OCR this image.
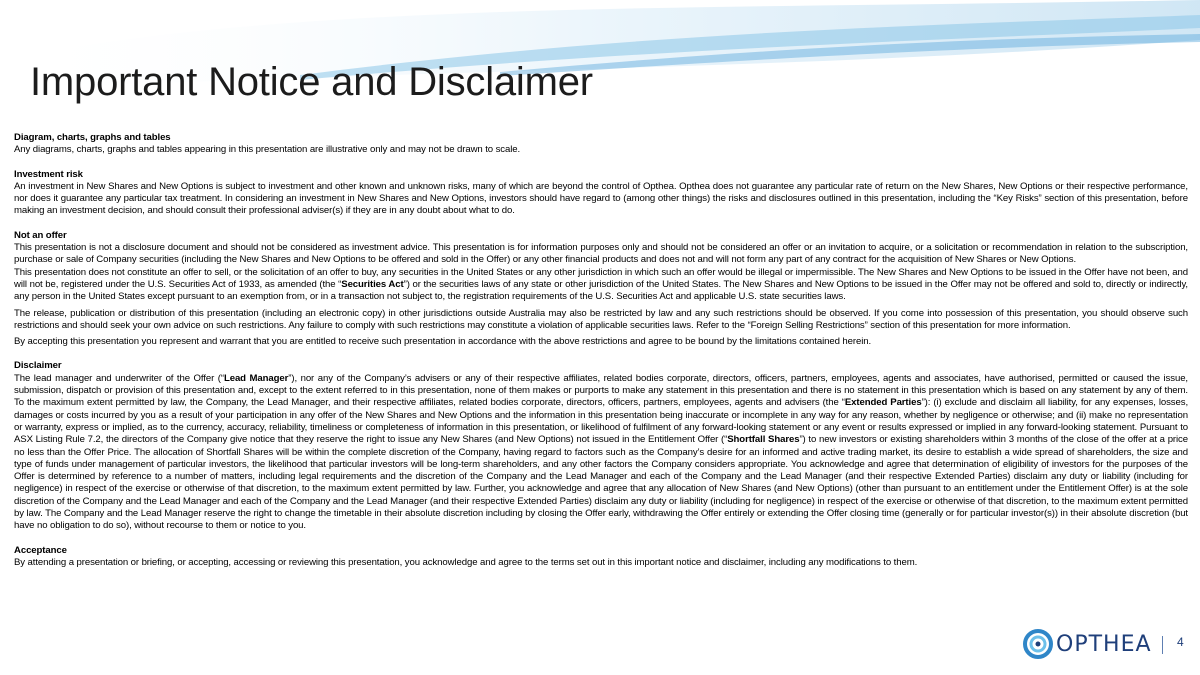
Important Notice and Disclaimer
Diagram, charts, graphs and tables

Any diagrams, charts, graphs and tables appearing in this presentation are illustrative only and may not be drawn to scale.

Investment risk

An investment in New Shares and New Options is subject to investment and other known and unknown risks, many of which are beyond the control of Opthea. Opthea does not guarantee any particular rate of return on the New Shares, New Options or their respective performance, nor does it guarantee any particular tax treatment. In considering an investment in New Shares and New Options, investors should have regard to (among other things) the risks and disclosures outlined in this presentation, including the “Key Risks” section of this presentation, before making an investment decision, and should consult their professional adviser(s) if they are in any doubt about what to do.

Not an offer

This presentation is not a disclosure document and should not be considered as investment advice. This presentation is for information purposes only and should not be considered an offer or an invitation to acquire, or a solicitation or recommendation in relation to the subscription, purchase or sale of Company securities (including the New Shares and New Options to be offered and sold in the Offer) or any other financial products and does not and will not form any part of any contract for the acquisition of New Shares or New Options.

This presentation does not constitute an offer to sell, or the solicitation of an offer to buy, any securities in the United States or any other jurisdiction in which such an offer would be illegal or impermissible. The New Shares and New Options to be issued in the Offer have not been, and will not be, registered under the U.S. Securities Act of 1933, as amended (the “Securities Act”) or the securities laws of any state or other jurisdiction of the United States. The New Shares and New Options to be issued in the Offer may not be offered and sold to, directly or indirectly, any person in the United States except pursuant to an exemption from, or in a transaction not subject to, the registration requirements of the U.S. Securities Act and applicable U.S. state securities laws.

The release, publication or distribution of this presentation (including an electronic copy) in other jurisdictions outside Australia may also be restricted by law and any such restrictions should be observed. If you come into possession of this presentation, you should observe such restrictions and should seek your own advice on such restrictions. Any failure to comply with such restrictions may constitute a violation of applicable securities laws. Refer to the “Foreign Selling Restrictions” section of this presentation for more information.

By accepting this presentation you represent and warrant that you are entitled to receive such presentation in accordance with the above restrictions and agree to be bound by the limitations contained herein.

Disclaimer

The lead manager and underwriter of the Offer (“Lead Manager”), nor any of the Company’s advisers or any of their respective affiliates, related bodies corporate, directors, officers, partners, employees, agents and associates, have authorised, permitted or caused the issue, submission, dispatch or provision of this presentation and, except to the extent referred to in this presentation, none of them makes or purports to make any statement in this presentation and there is no statement in this presentation which is based on any statement by any of them. To the maximum extent permitted by law, the Company, the Lead Manager, and their respective affiliates, related bodies corporate, directors, officers, partners, employees, agents and advisers (the “Extended Parties”): (i) exclude and disclaim all liability, for any expenses, losses, damages or costs incurred by you as a result of your participation in any offer of the New Shares and New Options and the information in this presentation being inaccurate or incomplete in any way for any reason, whether by negligence or otherwise; and (ii) make no representation or warranty, express or implied, as to the currency, accuracy, reliability, timeliness or completeness of information in this presentation, or likelihood of fulfilment of any forward-looking statement or any event or results expressed or implied in any forward-looking statement. Pursuant to ASX Listing Rule 7.2, the directors of the Company give notice that they reserve the right to issue any New Shares (and New Options) not issued in the Entitlement Offer (“Shortfall Shares”) to new investors or existing shareholders within 3 months of the close of the offer at a price no less than the Offer Price. The allocation of Shortfall Shares will be within the complete discretion of the Company, having regard to factors such as the Company’s desire for an informed and active trading market, its desire to establish a wide spread of shareholders, the size and type of funds under management of particular investors, the likelihood that particular investors will be long-term shareholders, and any other factors the Company considers appropriate. You acknowledge and agree that determination of eligibility of investors for the purposes of the Offer is determined by reference to a number of matters, including legal requirements and the discretion of the Company and the Lead Manager and each of the Company and the Lead Manager (and their respective Extended Parties) disclaim any duty or liability (including for negligence) in respect of the exercise or otherwise of that discretion, to the maximum extent permitted by law. Further, you acknowledge and agree that any allocation of New Shares (and New Options) (other than pursuant to an entitlement under the Entitlement Offer) is at the sole discretion of the Company and the Lead Manager and each of the Company and the Lead Manager (and their respective Extended Parties) disclaim any duty or liability (including for negligence) in respect of the exercise or otherwise of that discretion, to the maximum extent permitted by law. The Company and the Lead Manager reserve the right to change the timetable in their absolute discretion including by closing the Offer early, withdrawing the Offer entirely or extending the Offer closing time (generally or for particular investor(s)) in their absolute discretion (but have no obligation to do so), without recourse to them or notice to you.

Acceptance

By attending a presentation or briefing, or accepting, accessing or reviewing this presentation, you acknowledge and agree to the terms set out in this important notice and disclaimer, including any modifications to them.

OPTHEA 4
